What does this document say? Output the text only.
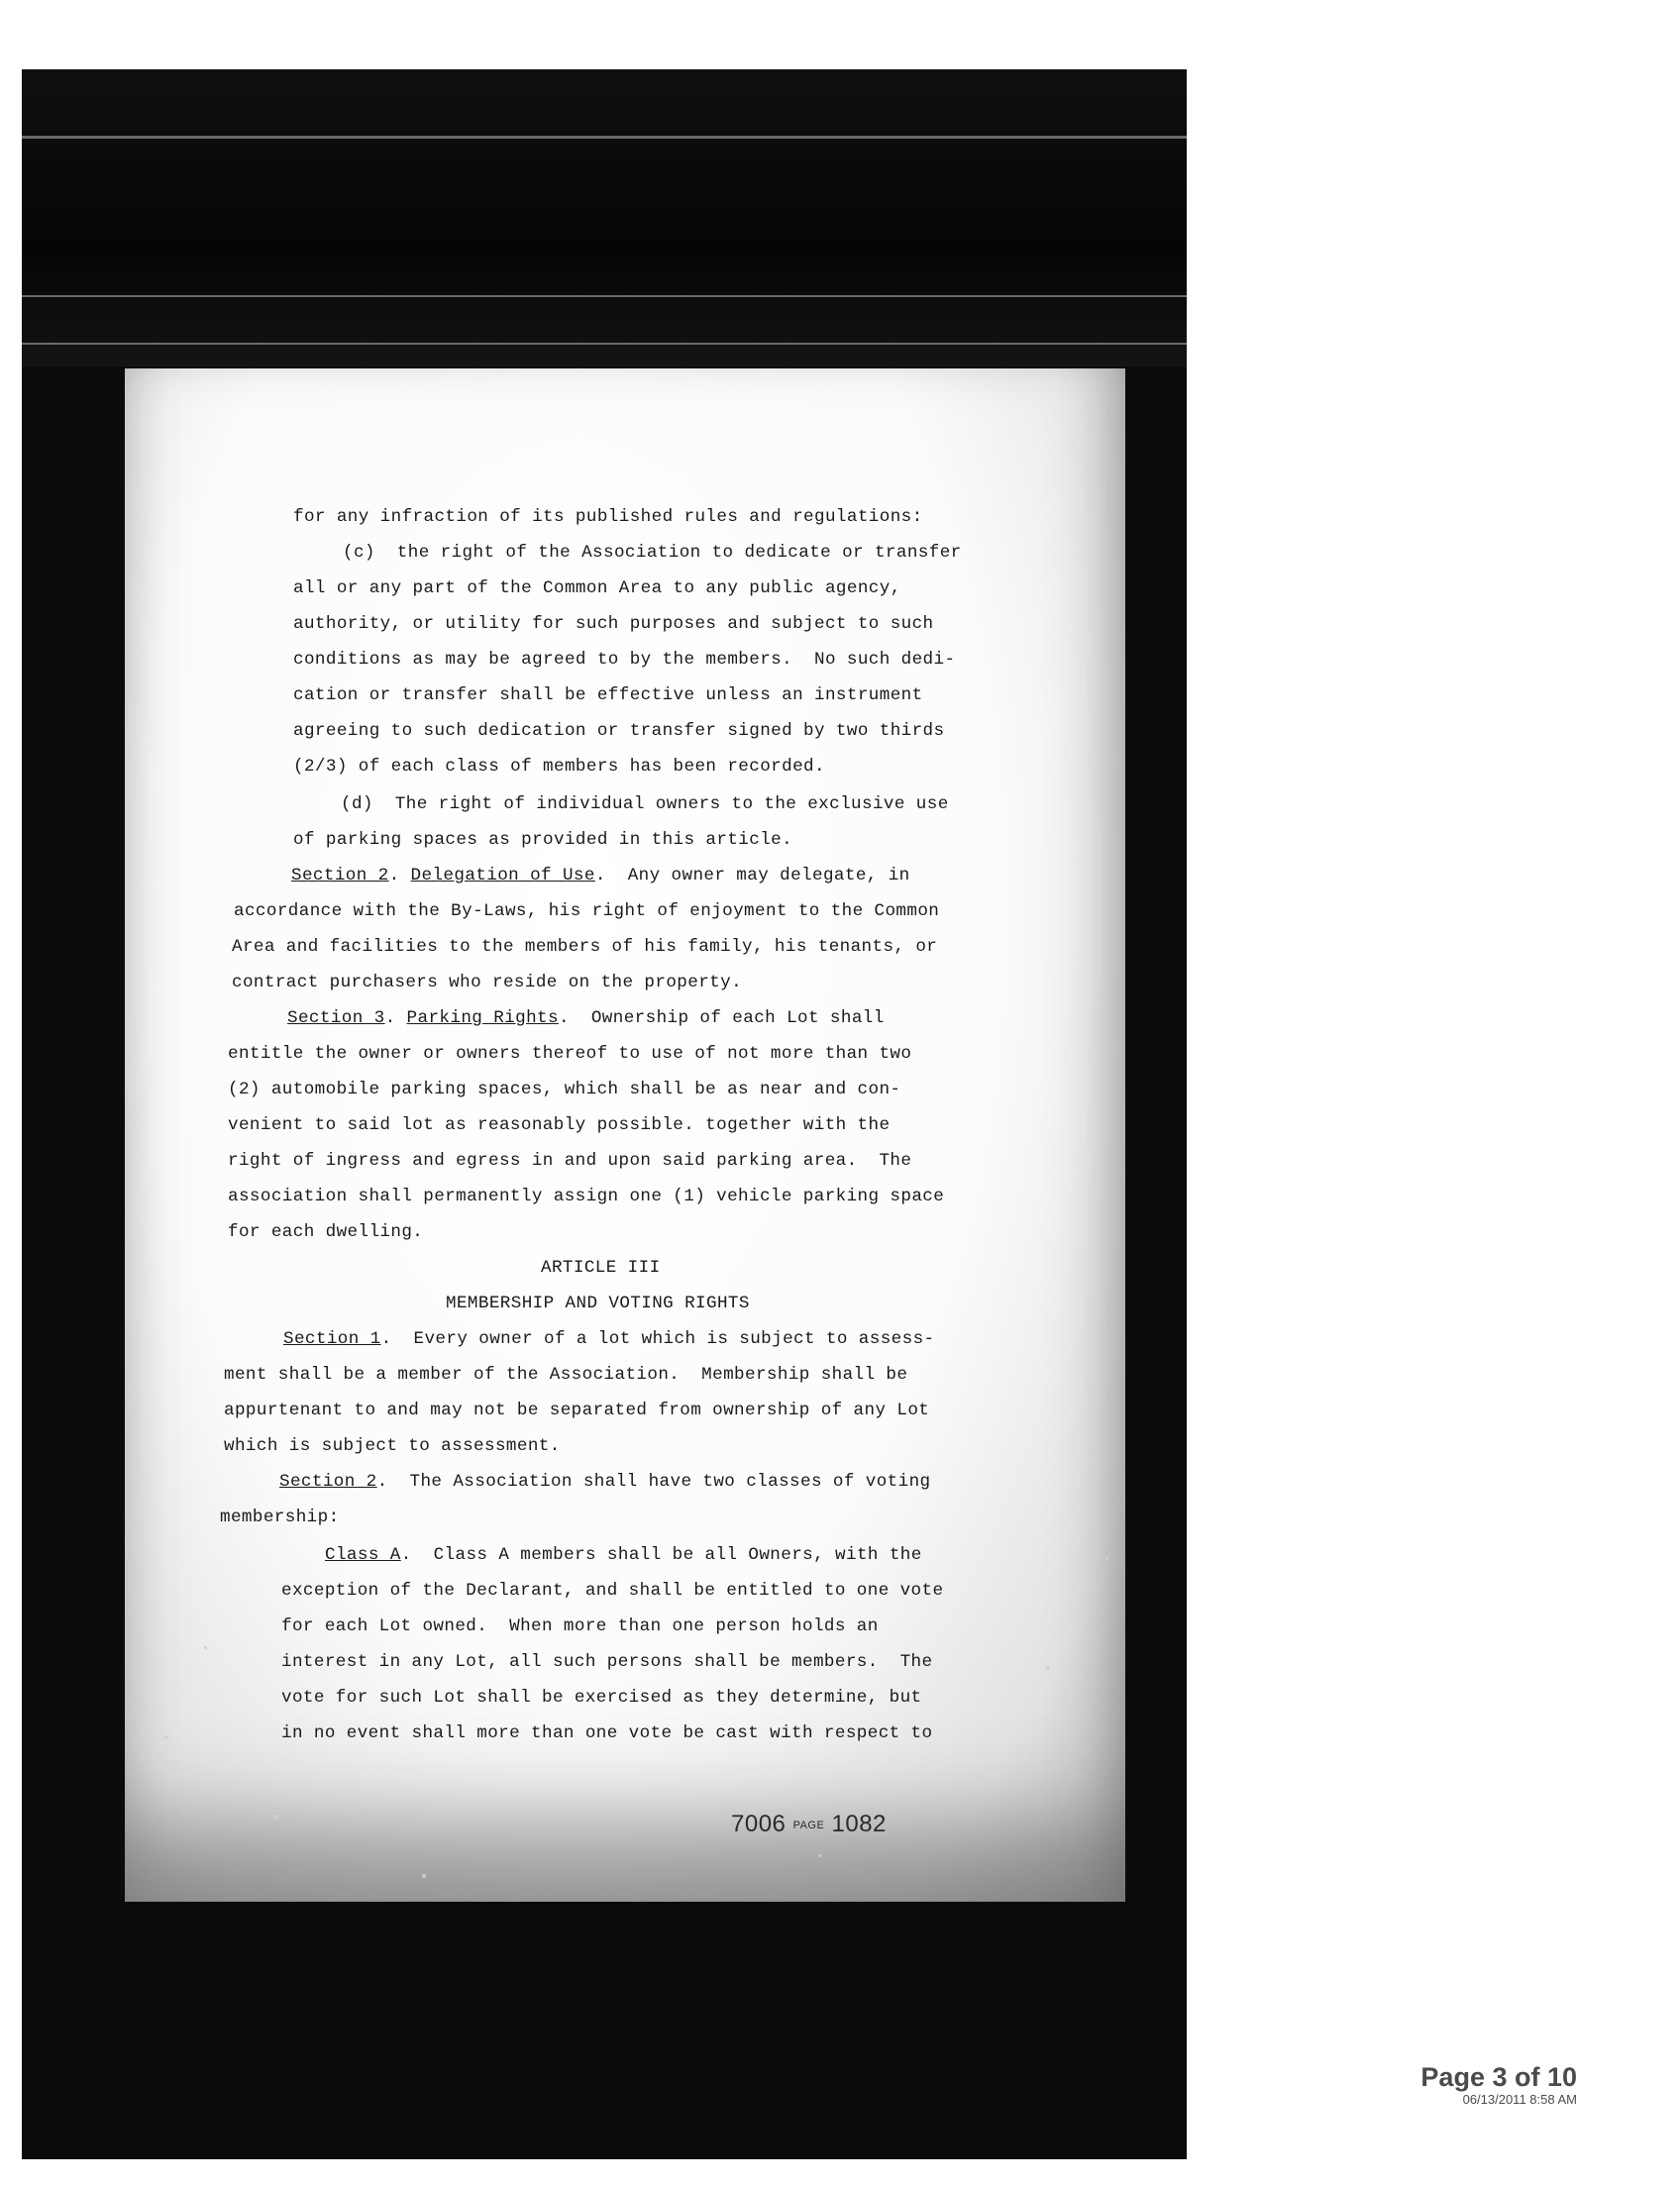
for any infraction of its published rules and regulations:
(c)  the right of the Association to dedicate or transfer
all or any part of the Common Area to any public agency,
authority, or utility for such purposes and subject to such
conditions as may be agreed to by the members.  No such dedi-
cation or transfer shall be effective unless an instrument
agreeing to such dedication or transfer signed by two thirds
(2/3) of each class of members has been recorded.
(d)  The right of individual owners to the exclusive use
of parking spaces as provided in this article.
Section 2. Delegation of Use.  Any owner may delegate, in
accordance with the By-Laws, his right of enjoyment to the Common
Area and facilities to the members of his family, his tenants, or
contract purchasers who reside on the property.
Section 3. Parking Rights.  Ownership of each Lot shall
entitle the owner or owners thereof to use of not more than two
(2) automobile parking spaces, which shall be as near and con-
venient to said lot as reasonably possible. together with the
right of ingress and egress in and upon said parking area.  The
association shall permanently assign one (1) vehicle parking space
for each dwelling.
ARTICLE III
MEMBERSHIP AND VOTING RIGHTS
Section 1.  Every owner of a lot which is subject to assess-
ment shall be a member of the Association.  Membership shall be
appurtenant to and may not be separated from ownership of any Lot
which is subject to assessment.
Section 2.  The Association shall have two classes of voting
membership:
Class A.  Class A members shall be all Owners, with the
exception of the Declarant, and shall be entitled to one vote
for each Lot owned.  When more than one person holds an
interest in any Lot, all such persons shall be members.  The
vote for such Lot shall be exercised as they determine, but
in no event shall more than one vote be cast with respect to
7006 PAGE 1082
Page 3 of 10
06/13/2011 8:58 AM
